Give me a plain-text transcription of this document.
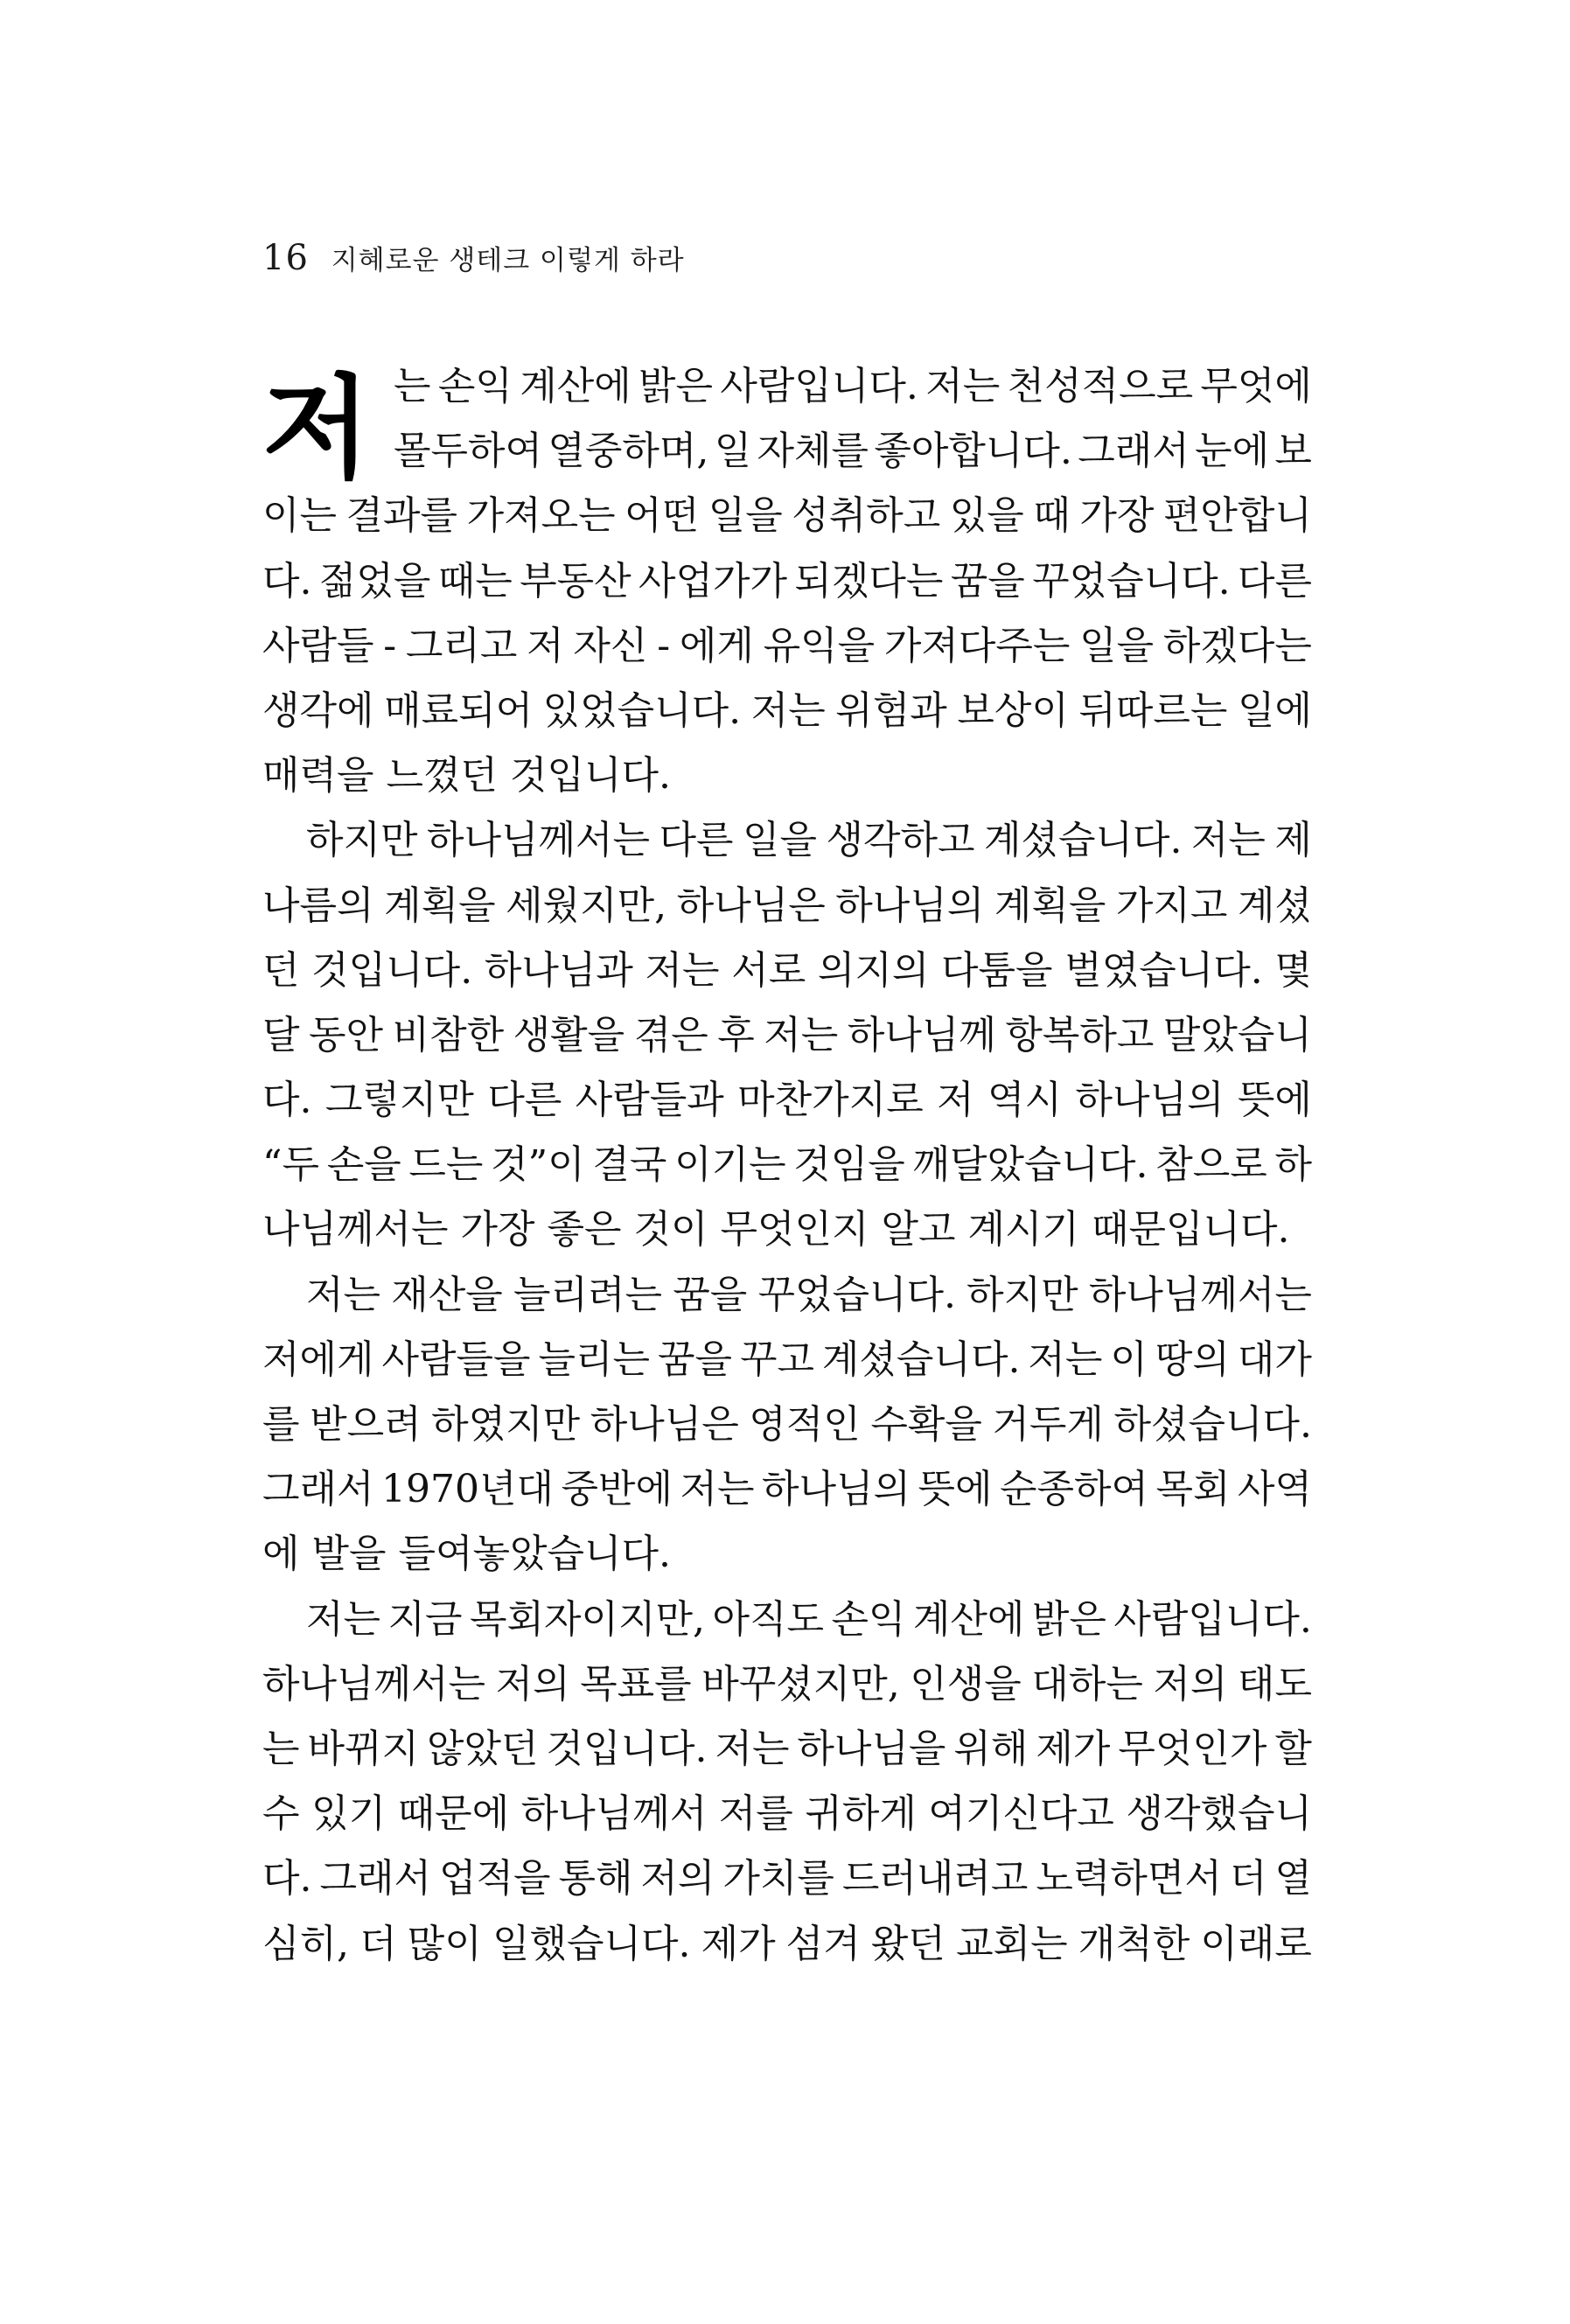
16 지혜로운 생테크 이렇게 하라
저 는 손익 계산에 밝은 사람입니다. 저는 천성적으로 무엇에
몰두하여 열중하며, 일 자체를 좋아합니다. 그래서 눈에 보
이는 결과를 가져오는 어떤 일을 성취하고 있을 때 가장 편안합니
다. 젊었을 때는 부동산 사업가가 되겠다는 꿈을 꾸었습니다. 다른
사람들 - 그리고 저 자신 - 에게 유익을 가져다주는 일을 하겠다는
생각에 매료되어 있었습니다. 저는 위험과 보상이 뒤따르는 일에
매력을 느꼈던 것입니다.
하지만 하나님께서는 다른 일을 생각하고 계셨습니다. 저는 제
나름의 계획을 세웠지만, 하나님은 하나님의 계획을 가지고 계셨
던 것입니다. 하나님과 저는 서로 의지의 다툼을 벌였습니다. 몇
달 동안 비참한 생활을 겪은 후 저는 하나님께 항복하고 말았습니
다. 그렇지만 다른 사람들과 마찬가지로 저 역시 하나님의 뜻에
“두 손을 드는 것”이 결국 이기는 것임을 깨달았습니다. 참으로 하
나님께서는 가장 좋은 것이 무엇인지 알고 계시기 때문입니다.
저는 재산을 늘리려는 꿈을 꾸었습니다. 하지만 하나님께서는
저에게 사람들을 늘리는 꿈을 꾸고 계셨습니다. 저는 이 땅의 대가
를 받으려 하였지만 하나님은 영적인 수확을 거두게 하셨습니다.
그래서 1970년대 중반에 저는 하나님의 뜻에 순종하여 목회 사역
에 발을 들여놓았습니다.
저는 지금 목회자이지만, 아직도 손익 계산에 밝은 사람입니다.
하나님께서는 저의 목표를 바꾸셨지만, 인생을 대하는 저의 태도
는 바뀌지 않았던 것입니다. 저는 하나님을 위해 제가 무엇인가 할
수 있기 때문에 하나님께서 저를 귀하게 여기신다고 생각했습니
다. 그래서 업적을 통해 저의 가치를 드러내려고 노력하면서 더 열
심히, 더 많이 일했습니다. 제가 섬겨 왔던 교회는 개척한 이래로
